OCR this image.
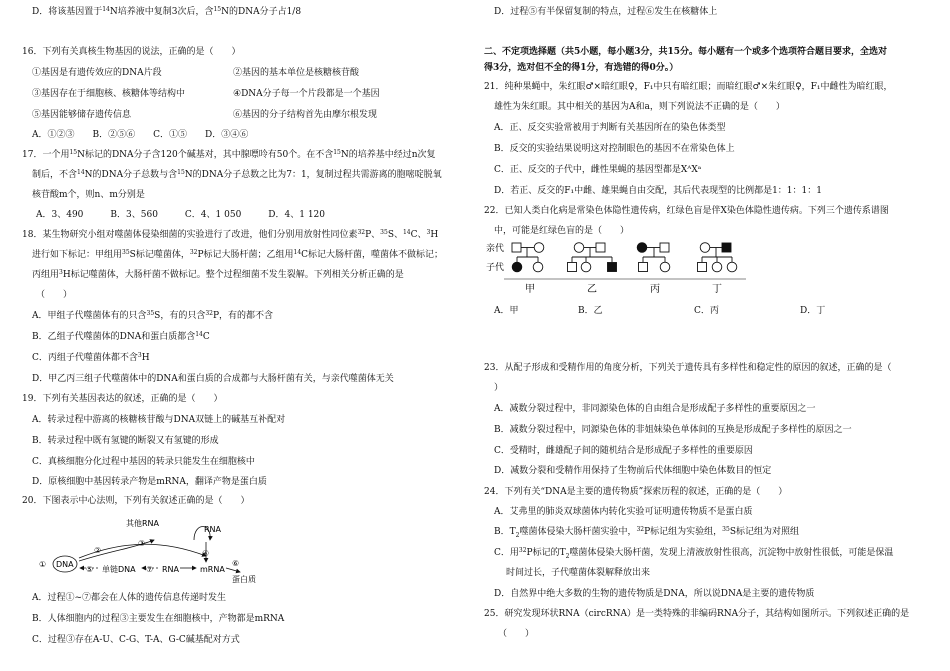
D．将该基因置于$^{14}$N培养液中复制3次后，含$^{15}$N的DNA分子占1/8
16．下列有关真核生物基因的说法，正确的是（　　）
①基因是有遗传效应的DNA片段	②基因的基本单位是核糖核苷酸
③基因存在于细胞核、核糖体等结构中	④DNA分子每一个片段都是一个基因
⑤基因能够储存遗传信息	⑥基因的分子结构首先由摩尔根发现
A．①②③　　B．②⑤⑥　　C．①⑤　　D．③④⑥
17．一个用$^{15}$N标记的DNA分子含120个碱基对，其中腺嘌呤有50个。在不含$^{15}$N的培养基中经过n次复
制后，不含$^{14}$N的DNA分子总数与含$^{15}$N的DNA分子总数之比为7：1，复制过程共需游离的胞嘧啶脱氧
核苷酸m个，则n、m分别是
A．3、490　　　B．3、560　　　C．4、1 050　　　D．4、1 120
18．某生物研究小组对噬菌体侵染细菌的实验进行了改进，他们分别用放射性同位素$^{32}$P、$^{35}$S、$^{14}$C、$^3$H
进行如下标记：甲组用$^{35}$S标记噬菌体，$^{32}$P标记大肠杆菌；乙组用$^{14}$C标记大肠杆菌，噬菌体不做标记；
丙组用$^3$H标记噬菌体，大肠杆菌不做标记。整个过程细菌不发生裂解。下列相关分析正确的是
（　　）
A．甲组子代噬菌体有的只含$^{35}$S，有的只含$^{32}$P，有的都不含
B．乙组子代噬菌体的DNA和蛋白质都含$^{14}$C
C．丙组子代噬菌体都不含$^3$H
D．甲乙丙三组子代噬菌体中的DNA和蛋白质的合成都与大肠杆菌有关，与亲代噬菌体无关
19．下列有关基因表达的叙述，正确的是（　　）
A．转录过程中游离的核糖核苷酸与DNA双链上的碱基互补配对
B．转录过程中既有氢键的断裂又有氢键的形成
C．真核细胞分化过程中基因的转录只能发生在细胞核中
D．原核细胞中基因转录产物是mRNA，翻译产物是蛋白质
20．下图表示中心法则，下列有关叙述正确的是（　　）
其他RNA
RNA
DNA
①
③
②	④
⑤ 单链DNA ⑦ RNA	mRNA
⑥
蛋白质
A．过程①~⑦都会在人体的遗传信息传递时发生
B．人体细胞内的过程③主要发生在细胞核中，产物都是mRNA
C．过程③存在A-U、C-G、T-A、G-C碱基配对方式
D．过程⑤有半保留复制的特点，过程⑥发生在核糖体上
二、不定项选择题（共5小题，每小题3分，共15分。每小题有一个或多个选项符合题目要求，全选对
得3分，选对但不全的得1分，有选错的得0分。）
21．纯种果蝇中，朱红眼♂×暗红眼♀，F₁中只有暗红眼；而暗红眼♂×朱红眼♀，F₁中雌性为暗红眼，
雄性为朱红眼。其中相关的基因为A和a，则下列说法不正确的是（　　）
A．正、反交实验常被用于判断有关基因所在的染色体类型
B．反交的实验结果说明这对控制眼色的基因不在常染色体上
C．正、反交的子代中，雌性果蝇的基因型都是XᴬXᵃ
D．若正、反交的F₁中雌、雄果蝇自由交配，其后代表现型的比例都是1：1：1：1
22．已知人类白化病是常染色体隐性遗传病，红绿色盲是伴X染色体隐性遗传病。下列三个遗传系谱图
中，可能是红绿色盲的是（　　）
亲代
子代
甲	乙	丙	丁
A．甲	B．乙	C．丙	D．丁
23．从配子形成和受精作用的角度分析，下列关于遗传具有多样性和稳定性的原因的叙述，正确的是（
）
A．减数分裂过程中，非同源染色体的自由组合是形成配子多样性的重要原因之一
B．减数分裂过程中，同源染色体的非姐妹染色单体间的互换是形成配子多样性的原因之一
C．受精时，雌雄配子间的随机结合是形成配子多样性的重要原因
D．减数分裂和受精作用保持了生物前后代体细胞中染色体数目的恒定
24．下列有关“DNA是主要的遗传物质”探索历程的叙述，正确的是（　　）
A．艾弗里的肺炎双球菌体内转化实验可证明遗传物质不是蛋白质
B．$T_2$噬菌体侵染大肠杆菌实验中，$^{32}$P标记组为实验组，$^{35}$S标记组为对照组
C．用$^{32}$P标记的$T_2$噬菌体侵染大肠杆菌，发现上清液放射性很高，沉淀物中放射性很低，可能是保温
时间过长，子代噬菌体裂解释放出来
D．自然界中绝大多数的生物的遗传物质是DNA，所以说DNA是主要的遗传物质
25．研究发现环状RNA（circRNA）是一类特殊的非编码RNA分子，其结构如图所示。下列叙述正确的是
（　　）
